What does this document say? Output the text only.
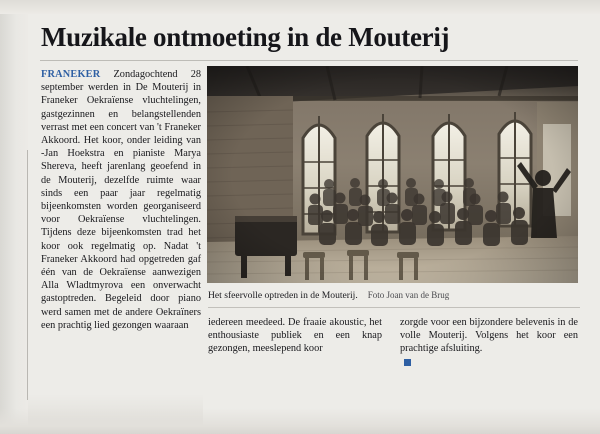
Muzikale ontmoeting in de Mouterij

FRANEKER Zondagochtend 28 september werden in De Mouterij in Franeker Oekraïense vluchtelingen, gastgezinnen en belangstellenden verrast met een concert van 't Franeker Akkoord. Het koor, onder leiding van -Jan Hoekstra en pianiste Marya Shereva, heeft jarenlang geoefend in de Mouterij, dezelfde ruimte waar sinds een paar jaar regelmatig bijeenkomsten worden georganiseerd voor Oekraïense vluchtelingen. Tijdens deze bijeenkomsten trad het koor ook regelmatig op. Nadat 't Franeker Akkoord had opgetreden gaf één van de Oekraïense aanwezigen Alla Wladtmyrova een onverwacht gastoptreden. Begeleid door piano werd samen met de andere Oekraïners een prachtig lied gezongen waaraan

Het sfeervolle optreden in de Mouterij. Foto Joan van de Brug

iedereen meedeed. De fraaie akoustic, het enthousiaste publiek en een knap gezongen, meeslepend koor

zorgde voor een bijzondere belevenis in de volle Mouterij. Volgens het koor een prachtige afsluiting.
